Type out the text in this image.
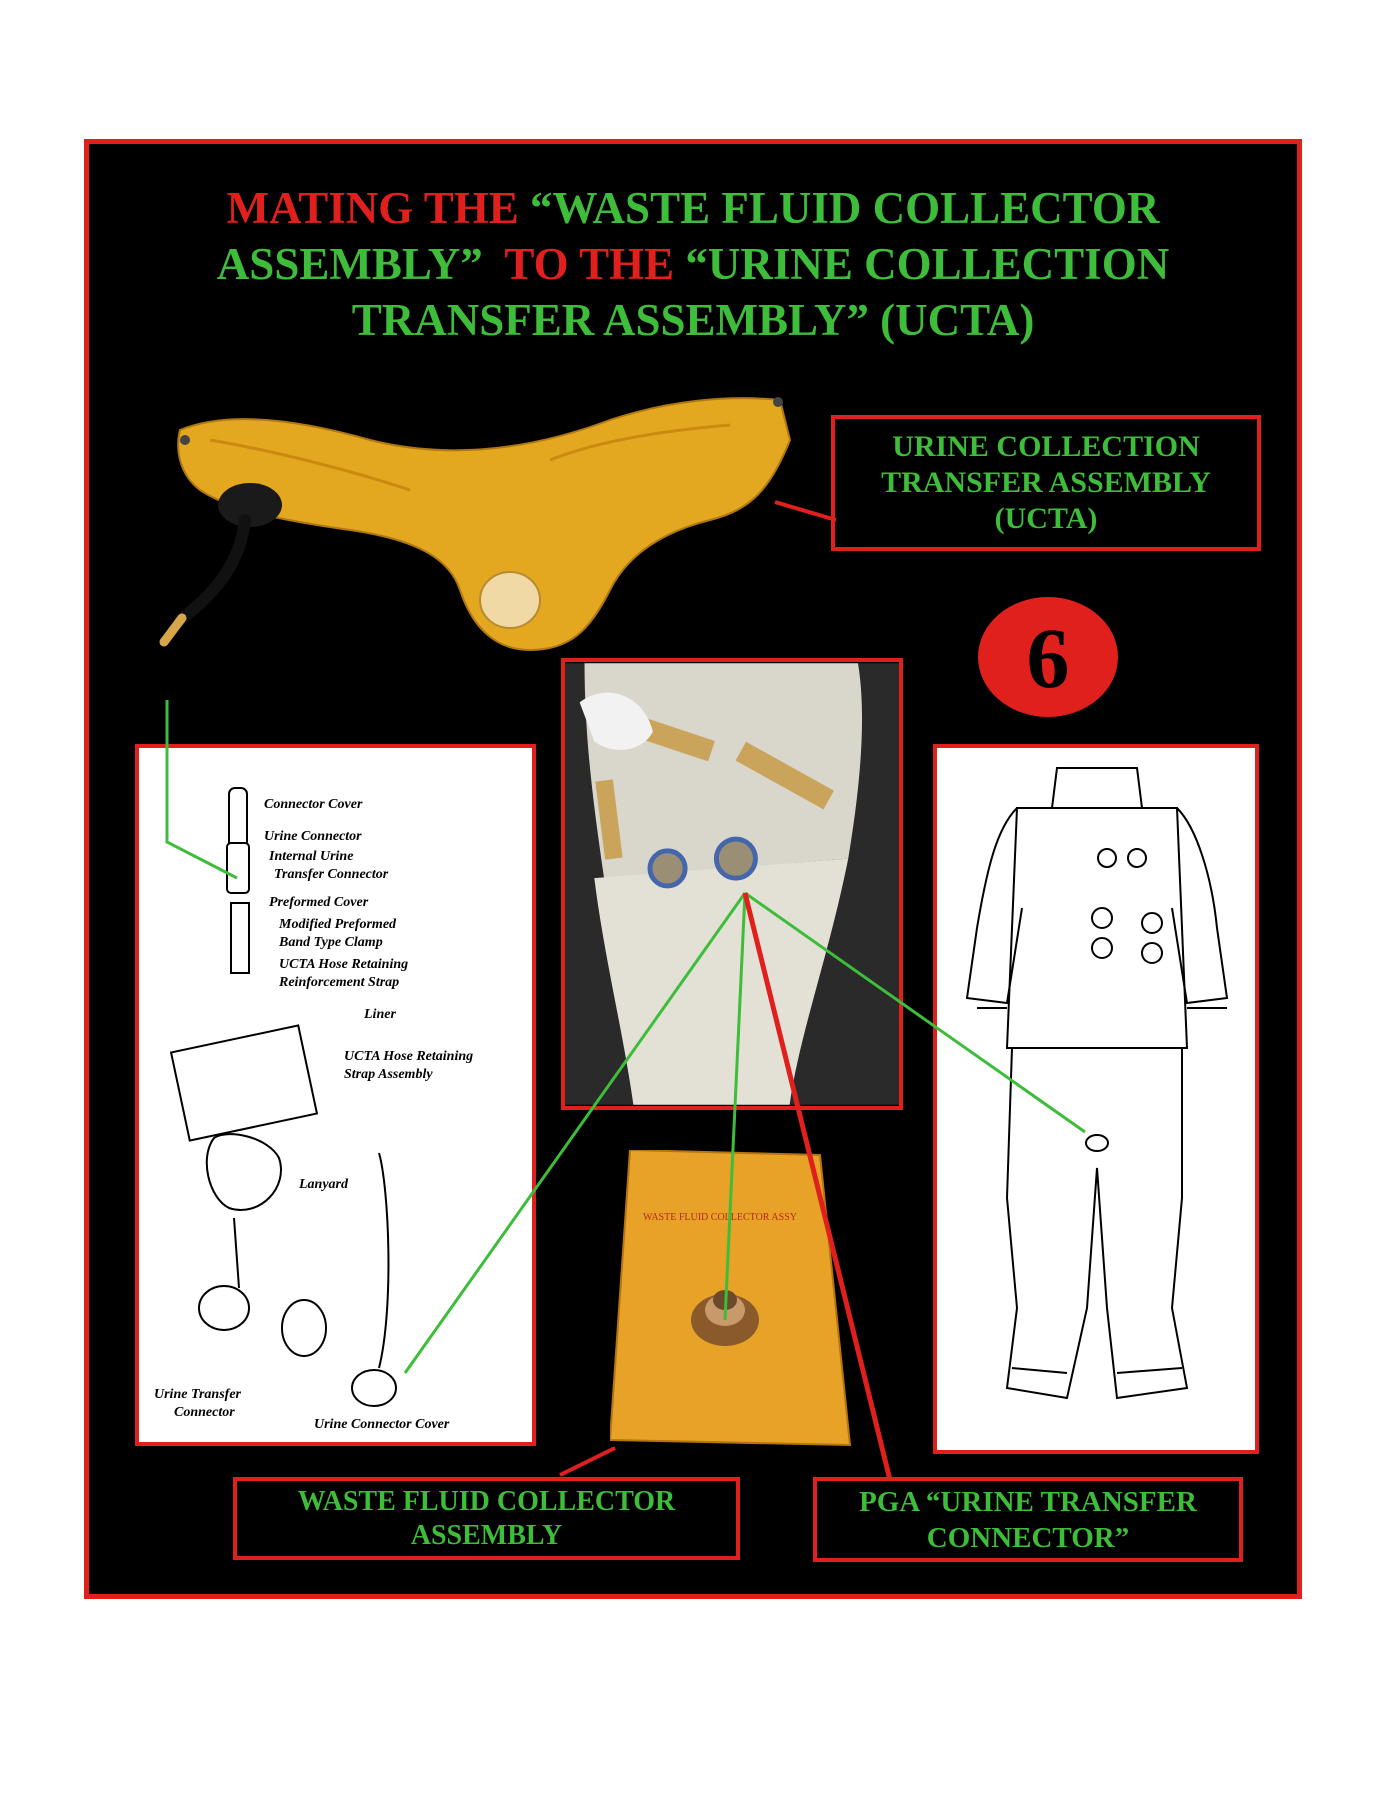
MATING THE “WASTE FLUID COLLECTOR
ASSEMBLY” TO THE “URINE COLLECTION
TRANSFER ASSEMBLY” (UCTA)
URINE COLLECTION
TRANSFER ASSEMBLY
(UCTA)
6
Connector Cover
Urine Connector
Internal Urine
Transfer Connector
Preformed Cover
Modified Preformed
Band Type Clamp
UCTA Hose Retaining
Reinforcement Strap
Liner
UCTA Hose Retaining
Strap Assembly
Lanyard
Urine Transfer
Connector
Urine Connector Cover
WASTE FLUID COLLECTOR ASSY
WASTE FLUID COLLECTOR
ASSEMBLY
PGA “URINE TRANSFER
CONNECTOR”
